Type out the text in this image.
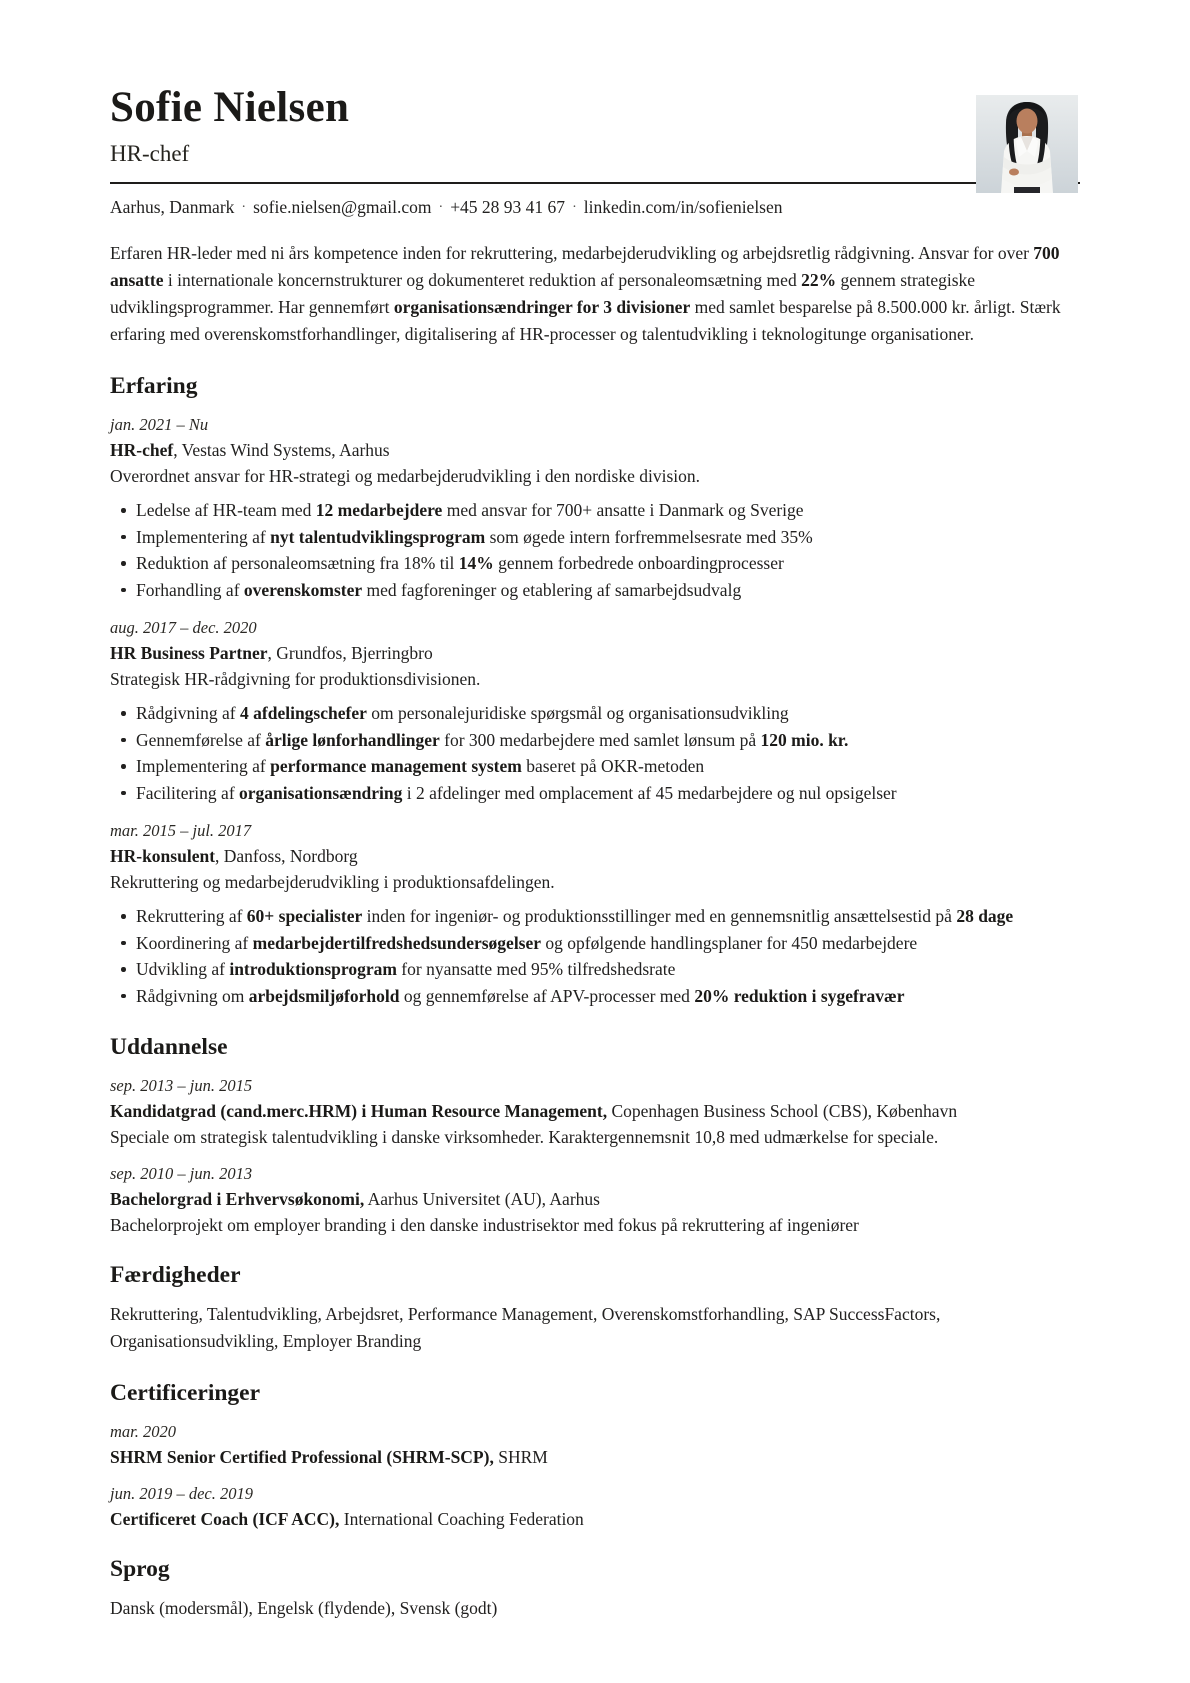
Sofie Nielsen
HR-chef
Aarhus, Danmark · sofie.nielsen@gmail.com · +45 28 93 41 67 · linkedin.com/in/sofienielsen

Erfaren HR-leder med ni års kompetence inden for rekruttering, medarbejderudvikling og arbejdsretlig rådgivning. Ansvar for over 700 ansatte i internationale koncernstrukturer og dokumenteret reduktion af personaleomsætning med 22% gennem strategiske udviklingsprogrammer. Har gennemført organisationsændringer for 3 divisioner med samlet besparelse på 8.500.000 kr. årligt. Stærk erfaring med overenskomstforhandlinger, digitalisering af HR-processer og talentudvikling i teknologitunge organisationer.

Erfaring
jan. 2021 – Nu
HR-chef, Vestas Wind Systems, Aarhus
Overordnet ansvar for HR-strategi og medarbejderudvikling i den nordiske division.
Ledelse af HR-team med 12 medarbejdere med ansvar for 700+ ansatte i Danmark og Sverige
Implementering af nyt talentudviklingsprogram som øgede intern forfremmelsesrate med 35%
Reduktion af personaleomsætning fra 18% til 14% gennem forbedrede onboardingprocesser
Forhandling af overenskomster med fagforeninger og etablering af samarbejdsudvalg
aug. 2017 – dec. 2020
HR Business Partner, Grundfos, Bjerringbro
Strategisk HR-rådgivning for produktionsdivisionen.
Rådgivning af 4 afdelingschefer om personalejuridiske spørgsmål og organisationsudvikling
Gennemførelse af årlige lønforhandlinger for 300 medarbejdere med samlet lønsum på 120 mio. kr.
Implementering af performance management system baseret på OKR-metoden
Facilitering af organisationsændring i 2 afdelinger med omplacement af 45 medarbejdere og nul opsigelser
mar. 2015 – jul. 2017
HR-konsulent, Danfoss, Nordborg
Rekruttering og medarbejderudvikling i produktionsafdelingen.
Rekruttering af 60+ specialister inden for ingeniør- og produktionsstillinger med en gennemsnitlig ansættelsestid på 28 dage
Koordinering af medarbejdertilfredshedsundersøgelser og opfølgende handlingsplaner for 450 medarbejdere
Udvikling af introduktionsprogram for nyansatte med 95% tilfredshedsrate
Rådgivning om arbejdsmiljøforhold og gennemførelse af APV-processer med 20% reduktion i sygefravær
Uddannelse
sep. 2013 – jun. 2015
Kandidatgrad (cand.merc.HRM) i Human Resource Management, Copenhagen Business School (CBS), København
Speciale om strategisk talentudvikling i danske virksomheder. Karaktergennemsnit 10,8 med udmærkelse for speciale.
sep. 2010 – jun. 2013
Bachelorgrad i Erhvervsøkonomi, Aarhus Universitet (AU), Aarhus
Bachelorprojekt om employer branding i den danske industrisektor med fokus på rekruttering af ingeniører
Færdigheder

Rekruttering, Talentudvikling, Arbejdsret, Performance Management, Overenskomstforhandling, SAP SuccessFactors, Organisationsudvikling, Employer Branding

Certificeringer
mar. 2020
SHRM Senior Certified Professional (SHRM-SCP), SHRM
jun. 2019 – dec. 2019
Certificeret Coach (ICF ACC), International Coaching Federation
Sprog

Dansk (modersmål), Engelsk (flydende), Svensk (godt)
